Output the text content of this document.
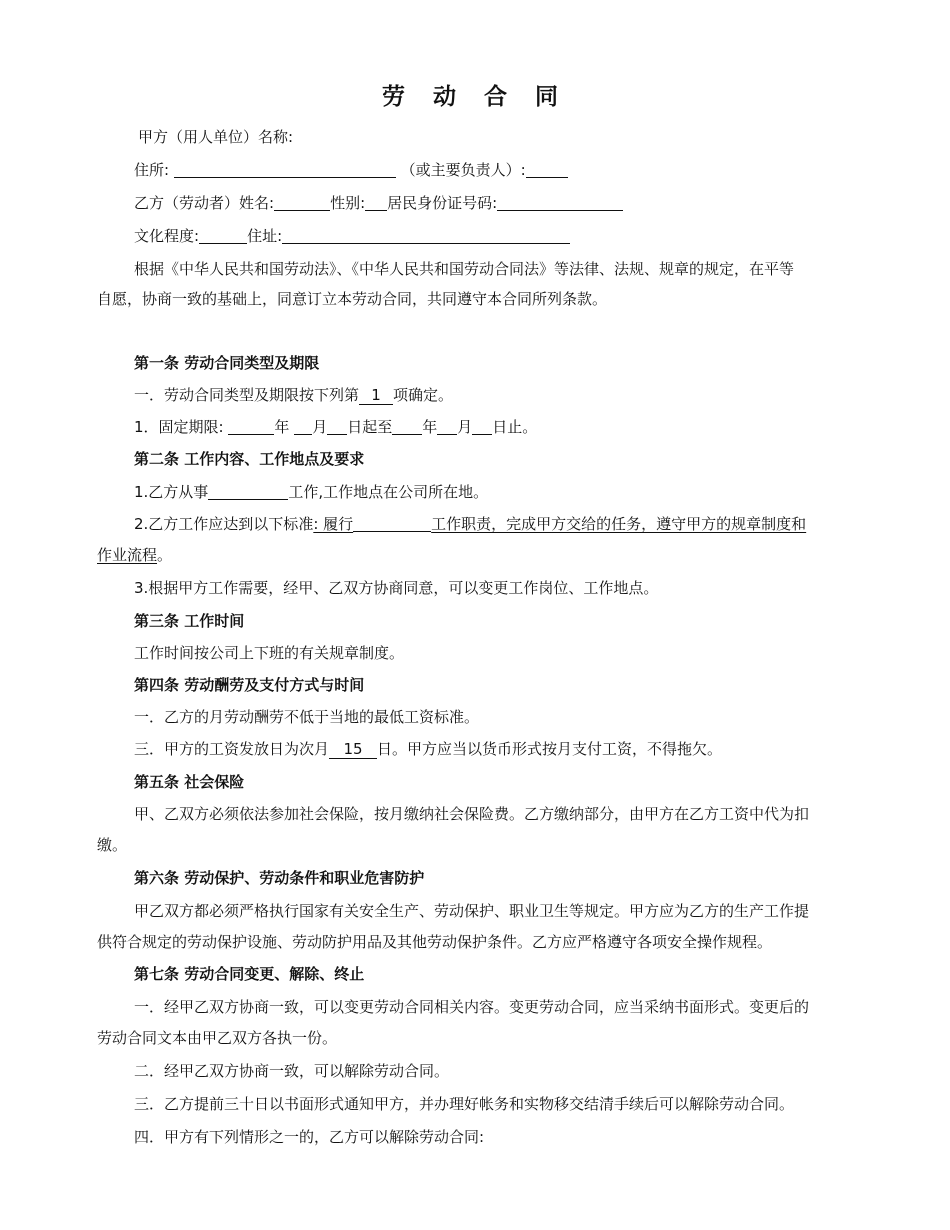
劳 动 合 同
甲方（用人单位）名称:
住所:	（或主要负责人）:
乙方（劳动者）姓名:	性别: 居民身份证号码:
文化程度:	住址:
根据《中华人民共和国劳动法》、《中华人民共和国劳动合同法》等法律、法规、规章的规定，在平等
自愿，协商一致的基础上，同意订立本劳动合同，共同遵守本合同所列条款。
第一条 劳动合同类型及期限
一．劳动合同类型及期限按下列第 1 项确定。
1．固定期限:	年 月 日起至 年 月 日止。
第二条 工作内容、工作地点及要求
1.乙方从事	工作,工作地点在公司所在地。
2.乙方工作应达到以下标准: 履行	工作职责，完成甲方交给的任务，遵守甲方的规章制度和
作业流程。
3.根据甲方工作需要，经甲、乙双方协商同意，可以变更工作岗位、工作地点。
第三条 工作时间
工作时间按公司上下班的有关规章制度。
第四条 劳动酬劳及支付方式与时间
一．乙方的月劳动酬劳不低于当地的最低工资标准。
三．甲方的工资发放日为次月 15 日。甲方应当以货币形式按月支付工资，不得拖欠。
第五条 社会保险
甲、乙双方必须依法参加社会保险，按月缴纳社会保险费。乙方缴纳部分，由甲方在乙方工资中代为扣
缴。
第六条 劳动保护、劳动条件和职业危害防护
甲乙双方都必须严格执行国家有关安全生产、劳动保护、职业卫生等规定。甲方应为乙方的生产工作提
供符合规定的劳动保护设施、劳动防护用品及其他劳动保护条件。乙方应严格遵守各项安全操作规程。
第七条 劳动合同变更、解除、终止
一．经甲乙双方协商一致，可以变更劳动合同相关内容。变更劳动合同，应当采纳书面形式。变更后的
劳动合同文本由甲乙双方各执一份。
二．经甲乙双方协商一致，可以解除劳动合同。
三．乙方提前三十日以书面形式通知甲方，并办理好帐务和实物移交结清手续后可以解除劳动合同。
四．甲方有下列情形之一的，乙方可以解除劳动合同:
